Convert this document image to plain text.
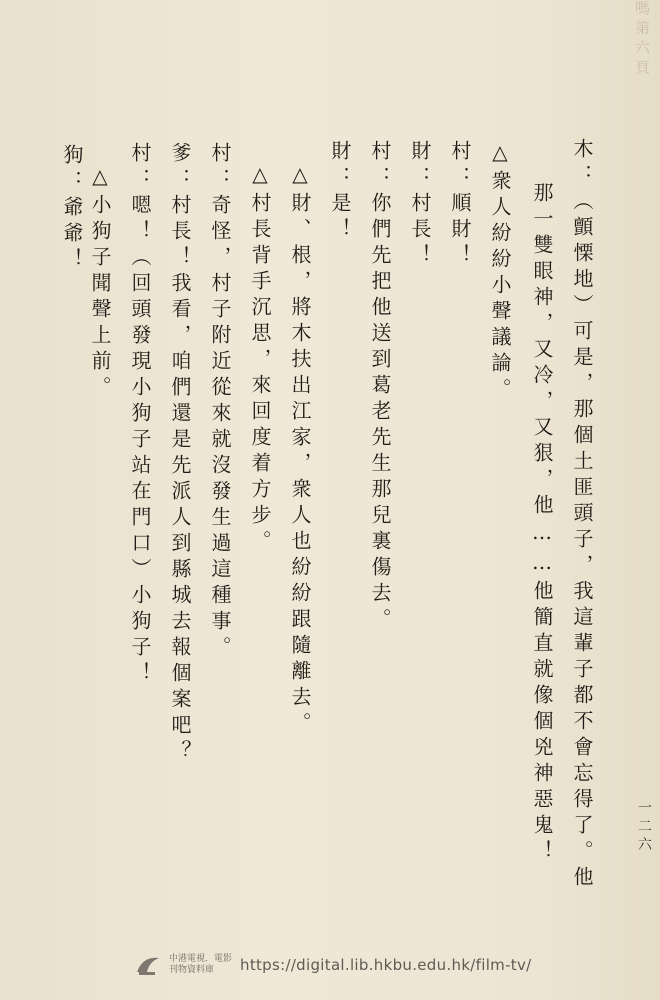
嗎 第 六 頁
木：（顫慄地）可是，那個土匪頭子，我這輩子都不會忘得了。他
那一雙眼神，又冷，又狠，他……他簡直就像個兇神惡鬼！
△衆人紛紛小聲議論。
村：順財！
財：村長！
村：你們先把他送到葛老先生那兒裏傷去。
財：是！
△財、根，將木扶出江家，衆人也紛紛跟隨離去。
△村長背手沉思，來回度着方步。
村：奇怪，村子附近從來就沒發生過這種事。
爹：村長！我看，咱們還是先派人到縣城去報個案吧？
村：嗯！（回頭發現小狗子站在門口）小狗子！
△小狗子聞聲上前。
狗：爺爺！
一 二 六
中港電視．電影
刊物資料庫	https://digital.lib.hkbu.edu.hk/film-tv/
